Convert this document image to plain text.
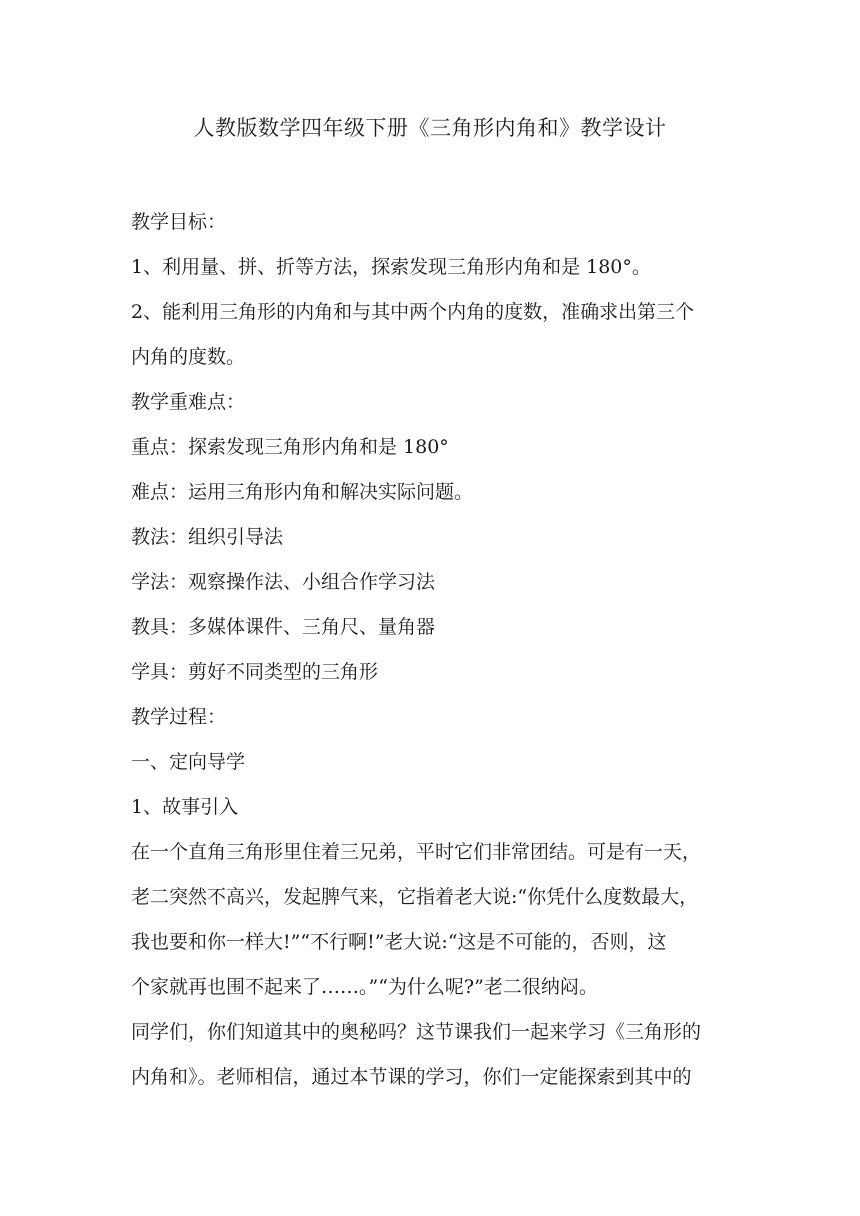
人教版数学四年级下册《三角形内角和》教学设计
教学目标：
1、利用量、拼、折等方法，探索发现三角形内角和是 180°。
2、能利用三角形的内角和与其中两个内角的度数，准确求出第三个
内角的度数。
教学重难点：
重点：探索发现三角形内角和是 180°
难点：运用三角形内角和解决实际问题。
教法：组织引导法
学法：观察操作法、小组合作学习法
教具：多媒体课件、三角尺、量角器
学具：剪好不同类型的三角形
教学过程：
一、定向导学
1、故事引入
在一个直角三角形里住着三兄弟，平时它们非常团结。可是有一天，
老二突然不高兴，发起脾气来，它指着老大说:“你凭什么度数最大，
我也要和你一样大!”“不行啊!”老大说:“这是不可能的，否则，这
个家就再也围不起来了……。”“为什么呢?”老二很纳闷。
同学们，你们知道其中的奥秘吗？这节课我们一起来学习《三角形的
内角和》。老师相信，通过本节课的学习，你们一定能探索到其中的
